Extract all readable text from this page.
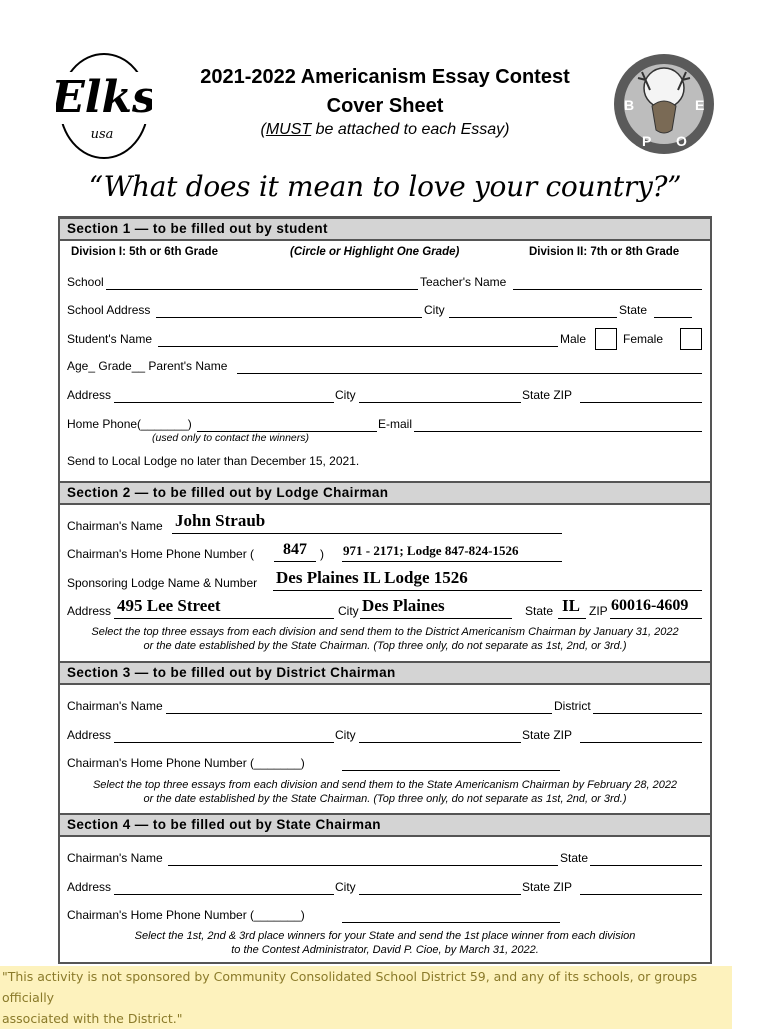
Elks
usa
2021-2022 Americanism Essay Contest
Cover Sheet
(MUST be attached to each Essay)
B
P O
E
“What does it mean to love your country?”
Section 1 — to be filled out by student
Division I: 5th or 6th Grade	(Circle or Highlight One Grade)	Division II: 7th or 8th Grade
School	Teacher's Name
School Address	City	State
Student's Name	Male	Female
Age_ Grade__ Parent's Name
Address	City	State ZIP
Home Phone(_______)	E-mail
(used only to contact the winners)
Send to Local Lodge no later than December 15, 2021.
Section 2 — to be filled out by Lodge Chairman
Chairman's Name John Straub
Chairman's Home Phone Number ( 847 ) 971 - 2171; Lodge 847-824-1526
Sponsoring Lodge Name & Number Des Plaines IL Lodge 1526
Address 495 Lee Street	City Des Plaines	State IL ZIP 60016-4609
Select the top three essays from each division and send them to the District Americanism Chairman by January 31, 2022
or the date established by the State Chairman. (Top three only, do not separate as 1st, 2nd, or 3rd.)
Section 3 — to be filled out by District Chairman
Chairman's Name	District
Address	City	State ZIP
Chairman's Home Phone Number (_______)
Select the top three essays from each division and send them to the State Americanism Chairman by February 28, 2022
or the date established by the State Chairman. (Top three only, do not separate as 1st, 2nd, or 3rd.)
Section 4 — to be filled out by State Chairman
Chairman's Name	State
Address	City	State ZIP
Chairman's Home Phone Number (_______)
Select the 1st, 2nd & 3rd place winners for your State and send the 1st place winner from each division
to the Contest Administrator, David P. Cioe, by March 31, 2022.
"This activity is not sponsored by Community Consolidated School District 59, and any of its schools, or groups officially
associated with the District."
